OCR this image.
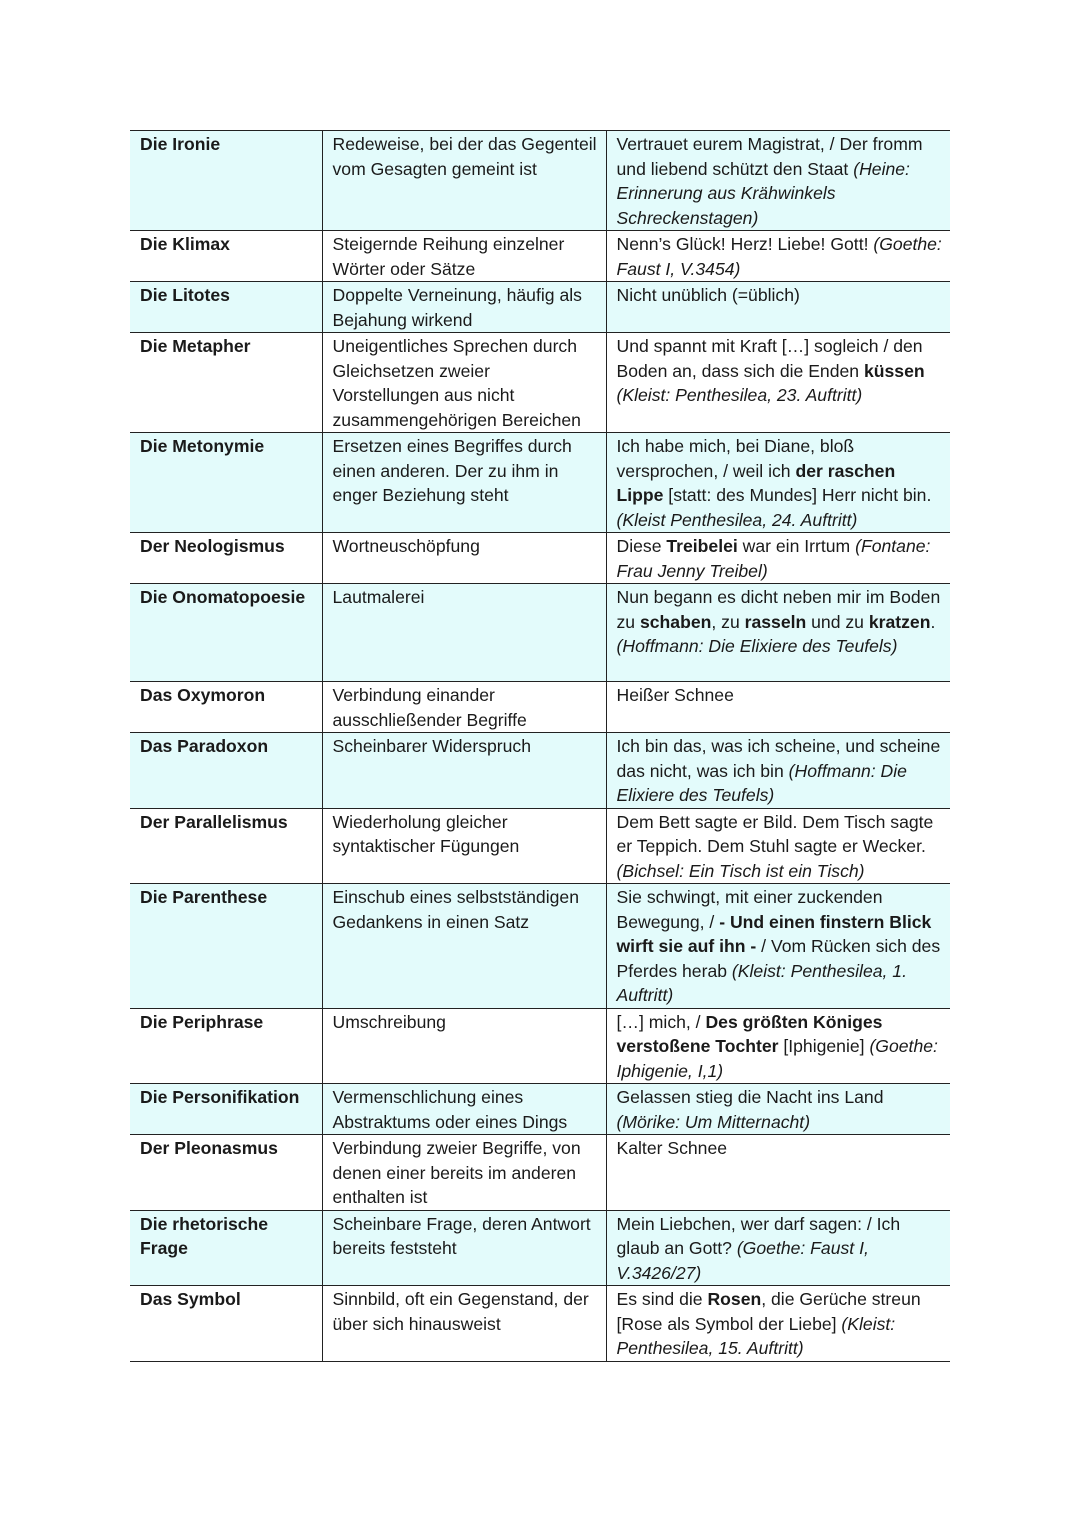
Die Ironie	Redeweise, bei der das Gegenteil vom Gesagten gemeint ist	Vertrauet eurem Magistrat, / Der fromm und liebend schützt den Staat (Heine: Erinnerung aus Krähwinkels Schreckenstagen)
Die Klimax	Steigernde Reihung einzelner Wörter oder Sätze	Nenn’s Glück! Herz! Liebe! Gott! (Goethe: Faust I, V.3454)
Die Litotes	Doppelte Verneinung, häufig als Bejahung wirkend	Nicht unüblich (=üblich)
Die Metapher	Uneigentliches Sprechen durch Gleichsetzen zweier Vorstellungen aus nicht zusammengehörigen Bereichen	Und spannt mit Kraft […] sogleich / den Boden an, dass sich die Enden küssen (Kleist: Penthesilea, 23. Auftritt)
Die Metonymie	Ersetzen eines Begriffes durch einen anderen. Der zu ihm in enger Beziehung steht	Ich habe mich, bei Diane, bloß versprochen, / weil ich der raschen Lippe [statt: des Mundes] Herr nicht bin. (Kleist Penthesilea, 24. Auftritt)
Der Neologismus	Wortneuschöpfung	Diese Treibelei war ein Irrtum (Fontane: Frau Jenny Treibel)
Die Onomatopoesie	Lautmalerei	Nun begann es dicht neben mir im Boden zu schaben, zu rasseln und zu kratzen. (Hoffmann: Die Elixiere des Teufels)
Das Oxymoron	Verbindung einander ausschließender Begriffe	Heißer Schnee
Das Paradoxon	Scheinbarer Widerspruch	Ich bin das, was ich scheine, und scheine das nicht, was ich bin (Hoffmann: Die Elixiere des Teufels)
Der Parallelismus	Wiederholung gleicher syntaktischer Fügungen	Dem Bett sagte er Bild. Dem Tisch sagte er Teppich. Dem Stuhl sagte er Wecker. (Bichsel: Ein Tisch ist ein Tisch)
Die Parenthese	Einschub eines selbstständigen Gedankens in einen Satz	Sie schwingt, mit einer zuckenden Bewegung, / - Und einen finstern Blick wirft sie auf ihn - / Vom Rücken sich des Pferdes herab (Kleist: Penthesilea, 1. Auftritt)
Die Periphrase	Umschreibung	[…] mich, / Des größten Königes verstoßene Tochter [Iphigenie] (Goethe: Iphigenie, I,1)
Die Personifikation	Vermenschlichung eines Abstraktums oder eines Dings	Gelassen stieg die Nacht ins Land (Mörike: Um Mitternacht)
Der Pleonasmus	Verbindung zweier Begriffe, von denen einer bereits im anderen enthalten ist	Kalter Schnee
Die rhetorische Frage	Scheinbare Frage, deren Antwort bereits feststeht	Mein Liebchen, wer darf sagen: / Ich glaub an Gott? (Goethe: Faust I, V.3426/27)
Das Symbol	Sinnbild, oft ein Gegenstand, der über sich hinausweist	Es sind die Rosen, die Gerüche streun [Rose als Symbol der Liebe] (Kleist: Penthesilea, 15. Auftritt)
